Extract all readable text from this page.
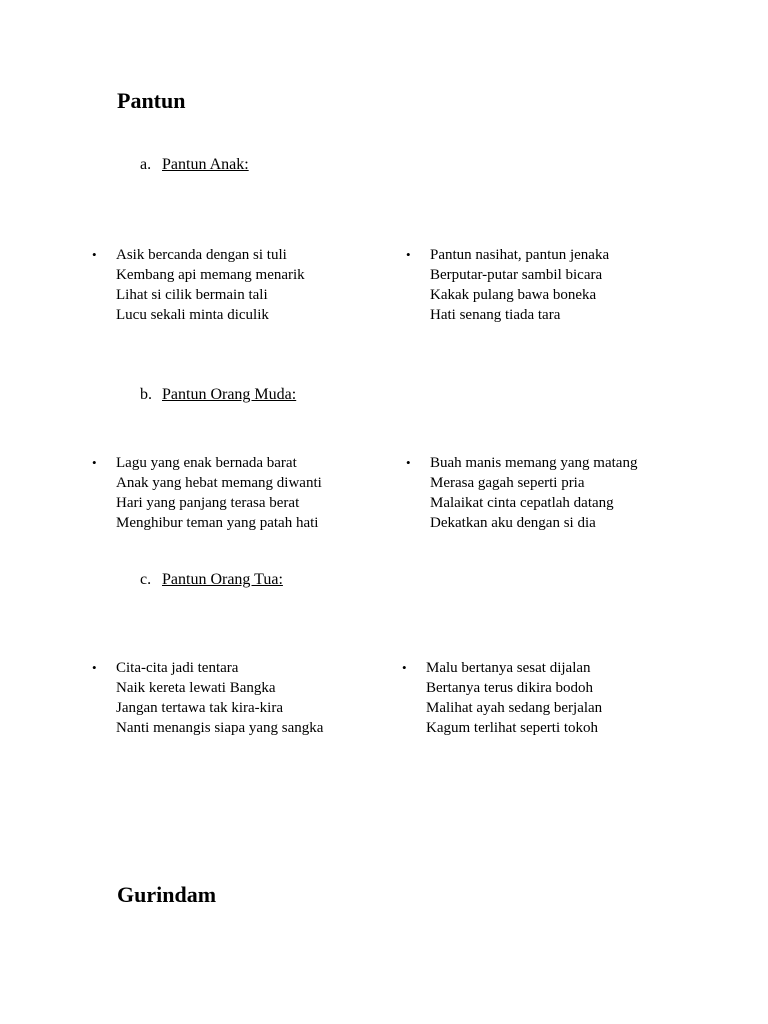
Pantun
a. Pantun Anak:
• Asik bercanda dengan si tuli
Kembang api memang menarik
Lihat si cilik bermain tali
Lucu sekali minta diculik
• Pantun nasihat, pantun jenaka
Berputar-putar sambil bicara
Kakak pulang bawa boneka
Hati senang tiada tara
b. Pantun Orang Muda:
• Lagu yang enak bernada barat
Anak yang hebat memang diwanti
Hari yang panjang terasa berat
Menghibur teman yang patah hati
• Buah manis memang yang matang
Merasa gagah seperti pria
Malaikat cinta cepatlah datang
Dekatkan aku dengan si dia
c. Pantun Orang Tua:
• Cita-cita jadi tentara
Naik kereta lewati Bangka
Jangan tertawa tak kira-kira
Nanti menangis siapa yang sangka
• Malu bertanya sesat dijalan
Bertanya terus dikira bodoh
Malihat ayah sedang berjalan
Kagum terlihat seperti tokoh
Gurindam
